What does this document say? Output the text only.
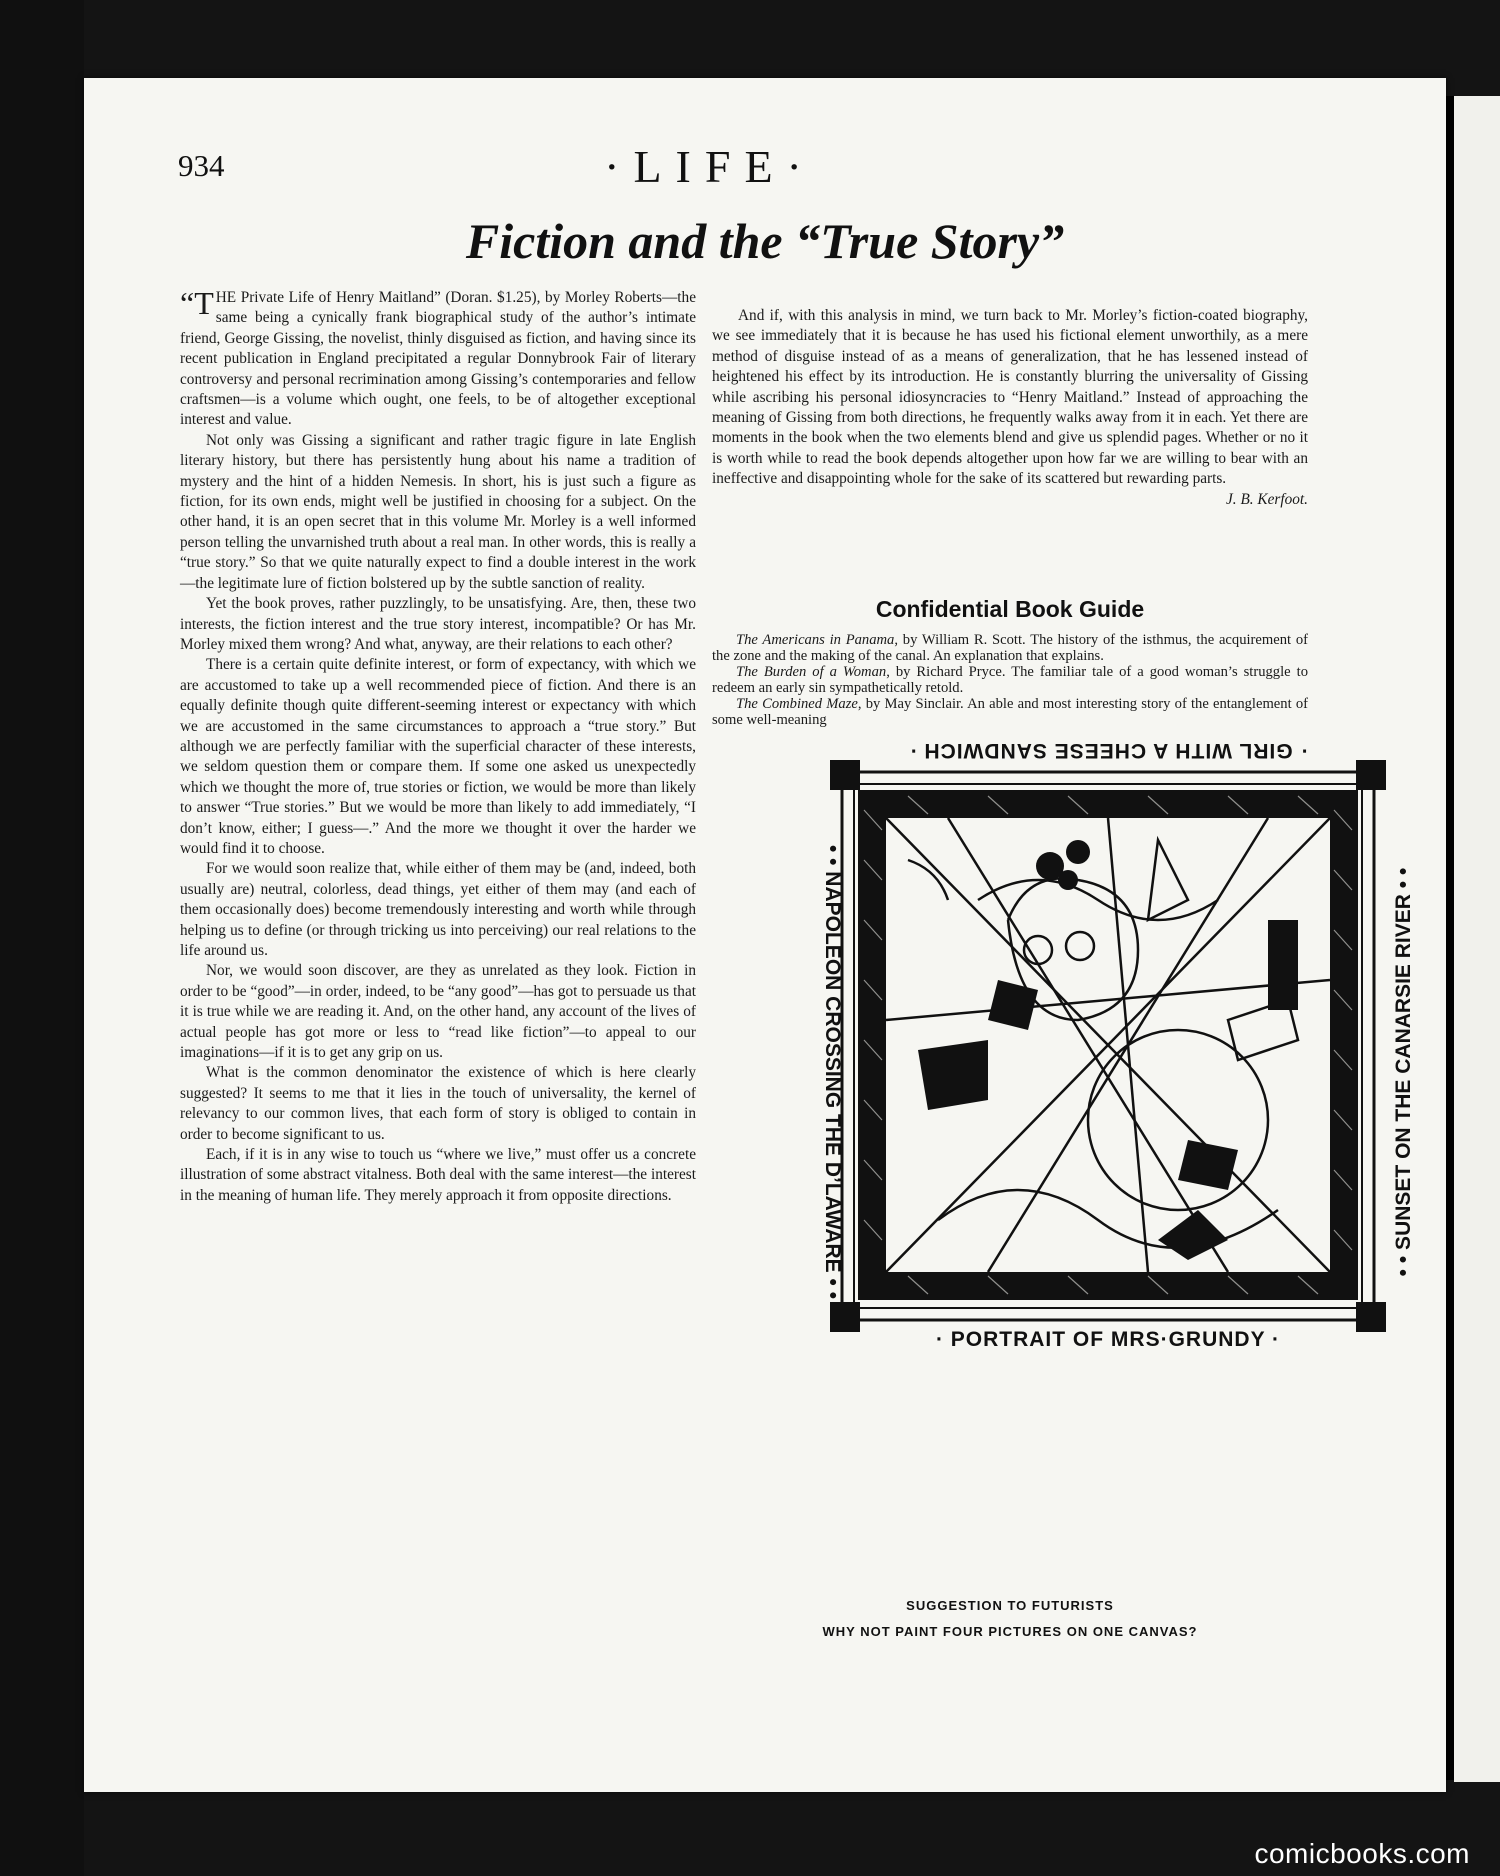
934	·LIFE·
Fiction and the “True Story”

“T HE Private Life of Henry Maitland” (Doran. $1.25), by Morley Roberts—the same being a cynically frank biographical study of the author’s intimate friend, George Gissing, the novelist, thinly disguised as fiction, and having since its recent publication in England precipitated a regular Donnybrook Fair of literary controversy and personal recrimination among Gissing’s contemporaries and fellow craftsmen—is a volume which ought, one feels, to be of altogether exceptional interest and value.

Not only was Gissing a significant and rather tragic figure in late English literary history, but there has persistently hung about his name a tradition of mystery and the hint of a hidden Nemesis. In short, his is just such a figure as fiction, for its own ends, might well be justified in choosing for a subject. On the other hand, it is an open secret that in this volume Mr. Morley is a well informed person telling the unvarnished truth about a real man. In other words, this is really a “true story.” So that we quite naturally expect to find a double interest in the work—the legitimate lure of fiction bolstered up by the subtle sanction of reality.

Yet the book proves, rather puzzlingly, to be unsatisfying. Are, then, these two interests, the fiction interest and the true story interest, incompatible? Or has Mr. Morley mixed them wrong? And what, anyway, are their relations to each other?

There is a certain quite definite interest, or form of expectancy, with which we are accustomed to take up a well recommended piece of fiction. And there is an equally definite though quite different-seeming interest or expectancy with which we are accustomed in the same circumstances to approach a “true story.” But although we are perfectly familiar with the superficial character of these interests, we seldom question them or compare them. If some one asked us unexpectedly which we thought the more of, true stories or fiction, we would be more than likely to answer “True stories.” But we would be more than likely to add immediately, “I don’t know, either; I guess—.” And the more we thought it over the harder we would find it to choose.

For we would soon realize that, while either of them may be (and, indeed, both usually are) neutral, colorless, dead things, yet either of them may (and each of them occasionally does) become tremendously interesting and worth while through helping us to define (or through tricking us into perceiving) our real relations to the life around us.

Nor, we would soon discover, are they as unrelated as they look. Fiction in order to be “good”—in order, indeed, to be “any good”—has got to persuade us that it is true while we are reading it. And, on the other hand, any account of the lives of actual people has got more or less to “read like fiction”—to appeal to our imaginations—if it is to get any grip on us.

What is the common denominator the existence of which is here clearly suggested? It seems to me that it lies in the touch of universality, the kernel of relevancy to our common lives, that each form of story is obliged to contain in order to become significant to us.

Each, if it is in any wise to touch us “where we live,” must offer us a concrete illustration of some abstract vitalness. Both deal with the same interest—the interest in the meaning of human life. They merely approach it from opposite directions.

And if, with this analysis in mind, we turn back to Mr. Morley’s fiction-coated biography, we see immediately that it is because he has used his fictional element unworthily, as a mere method of disguise instead of as a means of generalization, that he has lessened instead of heightened his effect by its introduction. He is constantly blurring the universality of Gissing while ascribing his personal idiosyncracies to “Henry Maitland.” Instead of approaching the meaning of Gissing from both directions, he frequently walks away from it in each. Yet there are moments in the book when the two elements blend and give us splendid pages. Whether or no it is worth while to read the book depends altogether upon how far we are willing to bear with an ineffective and disappointing whole for the sake of its scattered but rewarding parts.
J. B. Kerfoot.

Confidential Book Guide

The Americans in Panama, by William R. Scott. The history of the isthmus, the acquirement of the zone and the making of the canal. An explanation that explains.

The Burden of a Woman, by Richard Pryce. The familiar tale of a good woman’s struggle to redeem an early sin sympathetically retold.

The Combined Maze, by May Sinclair. An able and most interesting story of the entanglement of some well-meaning

· GIRL WITH A CHEESE SANDWICH ·
• • NAPOLEON CROSSING THE D’LAWARE • •	• • SUNSET ON THE CANARSIE RIVER • •
· PORTRAIT OF MRS·GRUNDY ·
SUGGESTION TO FUTURISTS
WHY NOT PAINT FOUR PICTURES ON ONE CANVAS?
comicbooks.com
